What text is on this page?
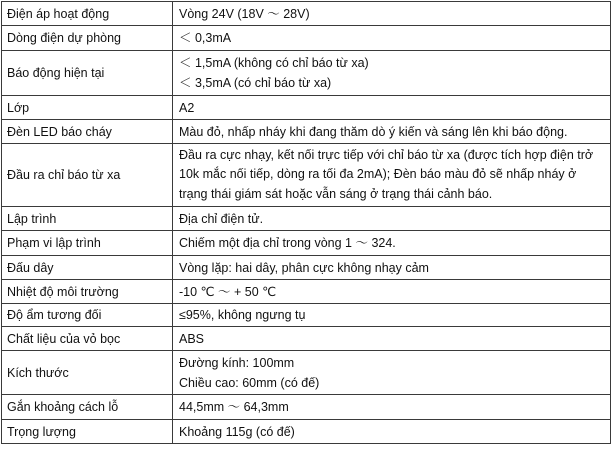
Điện áp hoạt động	Vòng 24V (18V ～ 28V)

Dòng điện dự phòng	＜ 0,3mA

Báo động hiện tại	＜ 1,5mA (không có chỉ báo từ xa)
＜ 3,5mA (có chỉ báo từ xa)

Lớp	A2

Đèn LED báo cháy	Màu đỏ, nhấp nháy khi đang thăm dò ý kiến và sáng lên khi báo động.

Đầu ra chỉ báo từ xa	Đầu ra cực nhạy, kết nối trực tiếp với chỉ báo từ xa (được tích hợp điện trở 10k mắc nối tiếp, dòng ra tối đa 2mA); Đèn báo màu đỏ sẽ nhấp nháy ở trạng thái giám sát hoặc vẫn sáng ở trạng thái cảnh báo.
Lập trình	Địa chỉ điện tử.

Phạm vi lập trình	Chiếm một địa chỉ trong vòng 1 ～ 324.

Đấu dây	Vòng lặp: hai dây, phân cực không nhạy cảm

Nhiệt độ môi trường	-10 ℃ ～ + 50 ℃

Độ ẩm tương đối	≤95%, không ngưng tụ

Chất liệu của vỏ bọc	ABS

Kích thước	Đường kính: 100mm
Chiều cao: 60mm (có đế)

Gắn khoảng cách lỗ	44,5mm ～ 64,3mm

Trọng lượng	Khoảng 115g (có đế)
